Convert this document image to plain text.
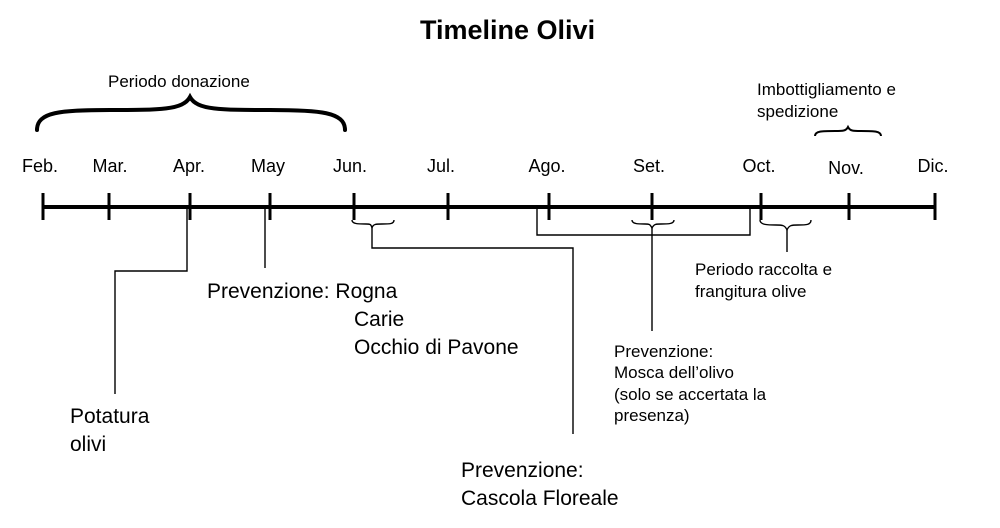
Timeline Olivi
Feb. Mar.	Apr.	May	Jun.	Jul.	Ago.	Set.	Oct.	Nov.	Dic.
Periodo donazione	Imbottigliamento e
spedizione
Potatura
olivi
Prevenzione: Rogna
Carie
Occhio di Pavone
Prevenzione:
Cascola Floreale
Prevenzione:
Mosca dell’olivo
(solo se accertata la
presenza)
Periodo raccolta e
frangitura olive
